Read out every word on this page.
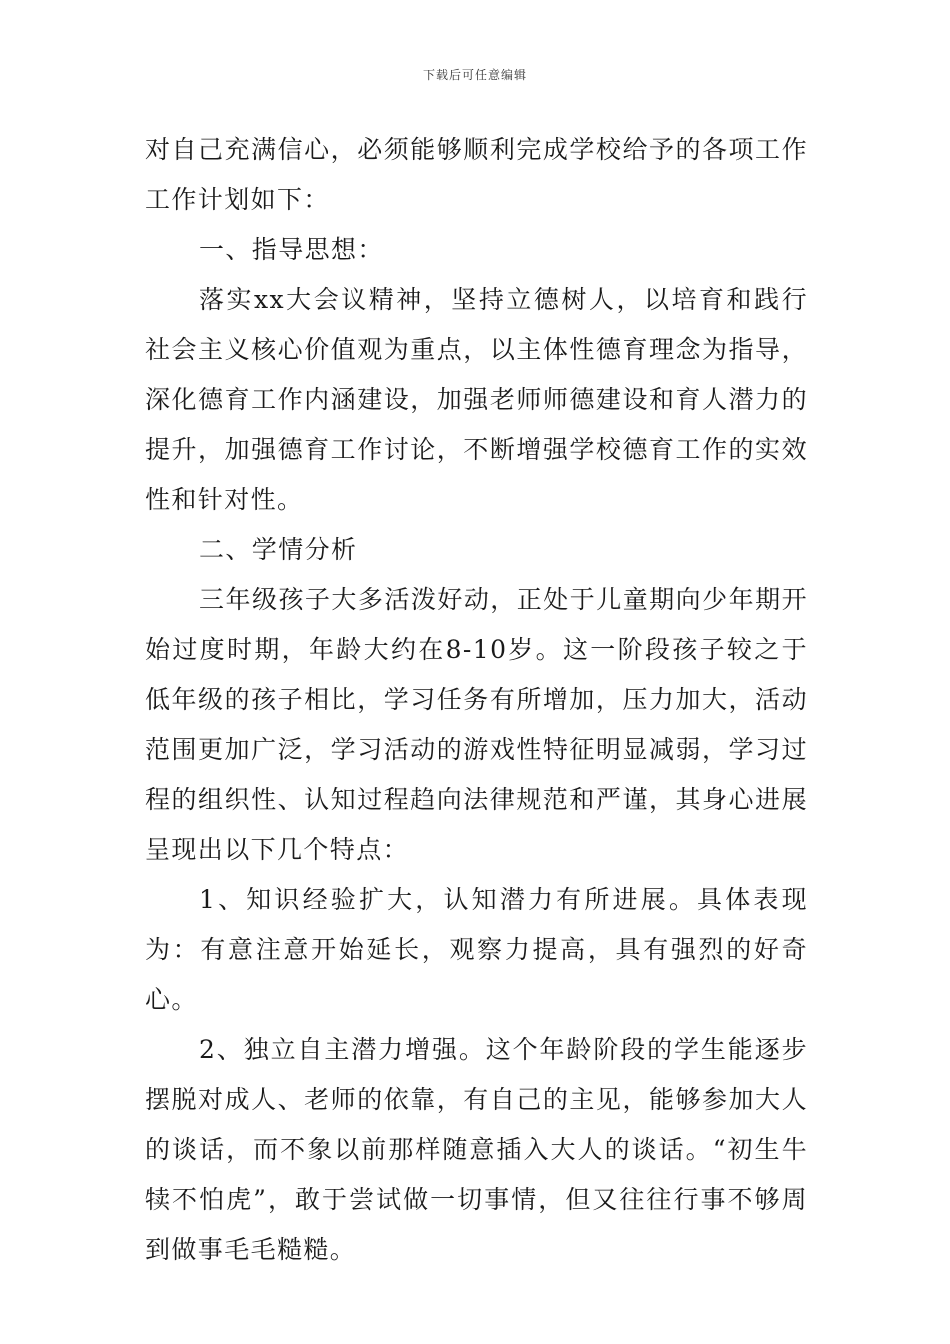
下载后可任意编辑

对自己充满信心，必须能够顺利完成学校给予的各项工作工作计划如下：

一、指导思想：

落实xx大会议精神，坚持立德树人，以培育和践行社会主义核心价值观为重点，以主体性德育理念为指导，深化德育工作内涵建设，加强老师师德建设和育人潜力的提升，加强德育工作讨论，不断增强学校德育工作的实效性和针对性。

二、学情分析

三年级孩子大多活泼好动，正处于儿童期向少年期开始过度时期，年龄大约在8-10岁。这一阶段孩子较之于低年级的孩子相比，学习任务有所增加，压力加大，活动范围更加广泛，学习活动的游戏性特征明显减弱，学习过程的组织性、认知过程趋向法律规范和严谨，其身心进展呈现出以下几个特点：

1、知识经验扩大，认知潜力有所进展。具体表现为：有意注意开始延长，观察力提高，具有强烈的好奇心。

2、独立自主潜力增强。这个年龄阶段的学生能逐步摆脱对成人、老师的依靠，有自己的主见，能够参加大人的谈话，而不象以前那样随意插入大人的谈话。“初生牛犊不怕虎”，敢于尝试做一切事情，但又往往行事不够周到做事毛毛糙糙。
